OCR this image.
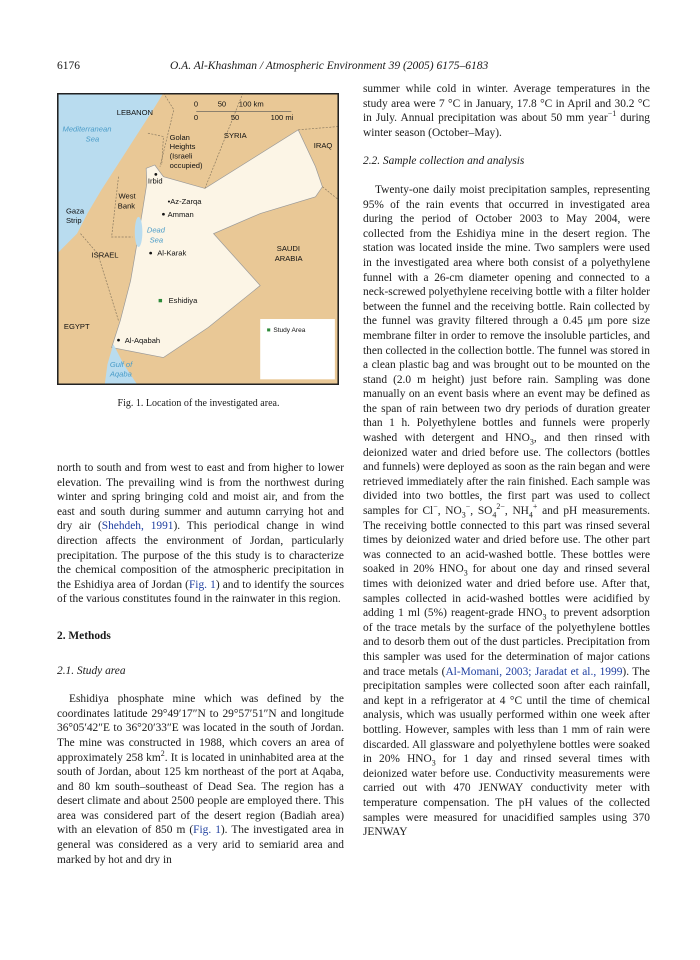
6176	O.A. Al-Khashman / Atmospheric Environment 39 (2005) 6175–6183
0 50 100 km
0 50 100 mi
LEBANON
SYRIA
IRAQ
Mediterranean
Sea	Golan
Heights
(Israeli
occupied)
Irbid
West
Bank •Az-Zarqa
Amman
Gaza
Strip
Dead
Sea
ISRAEL Al-Karak
SAUDI
ARABIA
Eshidiya
EGYPT
Al-Aqabah
Gulf of
Aqaba
Study Area
Fig. 1. Location of the investigated area.

north to south and from west to east and from higher to lower elevation. The prevailing wind is from the northwest during winter and spring bringing cold and moist air, and from the east and south during summer and autumn carrying hot and dry air (Shehdeh, 1991). This periodical change in wind direction affects the environment of Jordan, particularly precipitation. The purpose of the this study is to characterize the chemical composition of the atmospheric precipitation in the Eshidiya area of Jordan (Fig. 1) and to identify the sources of the various constitutes found in the rainwater in this region.

2. Methods

2.1. Study area

Eshidiya phosphate mine which was defined by the coordinates latitude 29°49′17″N to 29°57′51″N and longitude 36°05′42″E to 36°20′33″E was located in the south of Jordan. The mine was constructed in 1988, which covers an area of approximately 258 $km^2$. It is located in uninhabited area at the south of Jordan, about 125 km northeast of the port at Aqaba, and 80 km south–southeast of Dead Sea. The region has a desert climate and about 2500 people are employed there. This area was considered part of the desert region (Badiah area) with an elevation of 850 m (Fig. 1). The investigated area in general was considered as a very arid to semiarid area and marked by hot and dry in

summer while cold in winter. Average temperatures in the study area were 7 °C in January, 17.8 °C in April and 30.2 °C in July. Annual precipitation was about 50 mm year$^{-1}$ during winter season (October–May).

2.2. Sample collection and analysis

Twenty-one daily moist precipitation samples, representing 95% of the rain events that occurred in investigated area during the period of October 2003 to May 2004, were collected from the Eshidiya mine in the desert region. The station was located inside the mine. Two samplers were used in the investigated area where both consist of a polyethylene funnel with a 26-cm diameter opening and connected to a neck-screwed polyethylene receiving bottle with a filter holder between the funnel and the receiving bottle. Rain collected by the funnel was gravity filtered through a 0.45 μm pore size membrane filter in order to remove the insoluble particles, and then collected in the collection bottle. The funnel was stored in a clean plastic bag and was brought out to be mounted on the stand (2.0 m height) just before rain. Sampling was done manually on an event basis where an event may be defined as the span of rain between two dry periods of duration greater than 1 h. Polyethylene bottles and funnels were properly washed with detergent and $HNO_3$, and then rinsed with deionized water and dried before use. The collectors (bottles and funnels) were deployed as soon as the rain began and were retrieved immediately after the rain finished. Each sample was divided into two bottles, the first part was used to collect samples for Cl−, $NO_3^-$, $SO_4^{2-}$, $NH_4^+$ and pH measurements. The receiving bottle connected to this part was rinsed several times by deionized water and dried before use. The other part was connected to an acid-washed bottle. These bottles were soaked in 20% $HNO_3$ for about one day and rinsed several times with deionized water and dried before use. After that, samples collected in acid-washed bottles were acidified by adding 1 ml (5%) reagent-grade $HNO_3$ to prevent adsorption of the trace metals by the surface of the polyethylene bottles and to desorb them out of the dust particles. Precipitation from this sampler was used for the determination of major cations and trace metals (Al-Momani, 2003; Jaradat et al., 1999). The precipitation samples were collected soon after each rainfall, and kept in a refrigerator at 4 °C until the time of chemical analysis, which was usually performed within one week after bottling. However, samples with less than 1 mm of rain were discarded. All glassware and polyethylene bottles were soaked in 20% $HNO_3$ for 1 day and rinsed several times with deionized water before use. Conductivity measurements were carried out with 470 JENWAY conductivity meter with temperature compensation. The pH values of the collected samples were measured for unacidified samples using 370 JENWAY
